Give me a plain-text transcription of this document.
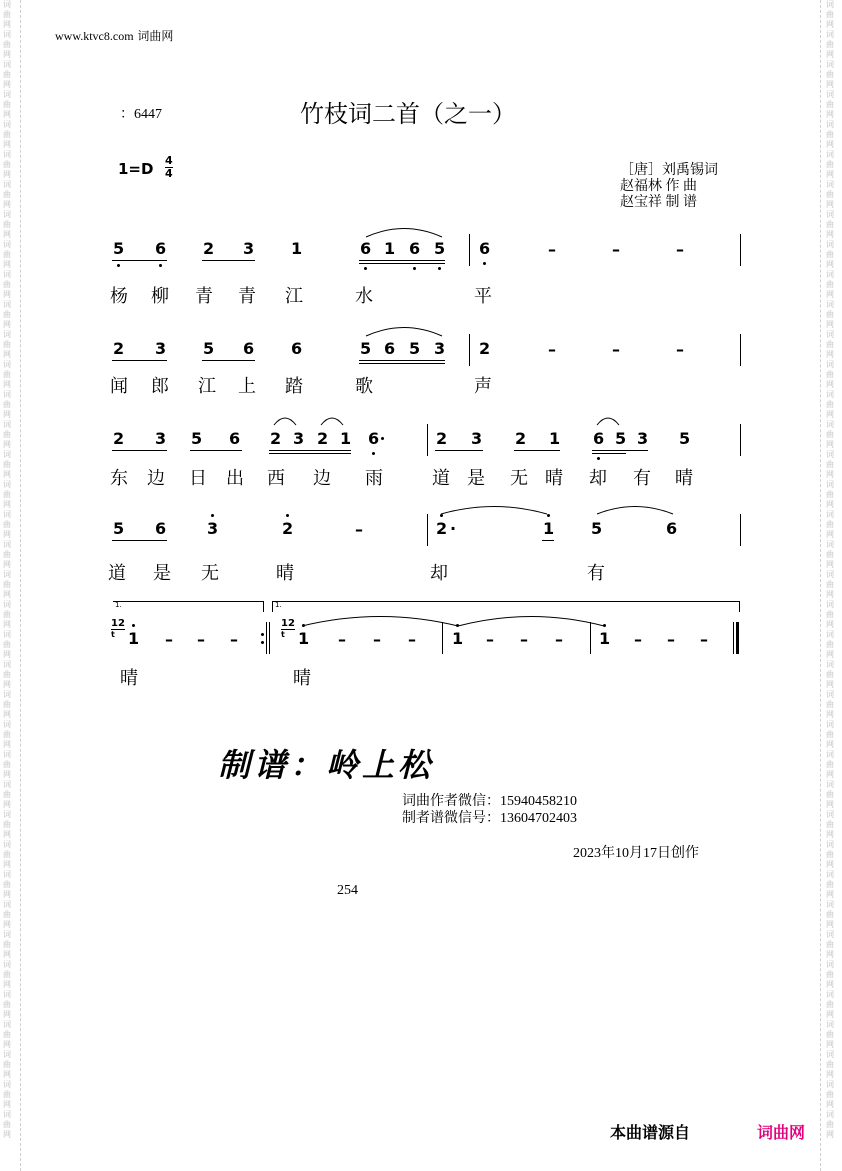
词曲网词曲网词曲网词曲网词曲网词曲网词曲网词曲网词曲网词曲网词曲网词曲网词曲网词曲网词曲网词曲网词曲网词曲网词曲网词曲网词曲网词曲网词曲网词曲网词曲网词曲网词曲网词曲网词曲网词曲网词曲网词曲网词曲网词曲网词曲网词曲网词曲网词曲网
词曲网词曲网词曲网词曲网词曲网词曲网词曲网词曲网词曲网词曲网词曲网词曲网词曲网词曲网词曲网词曲网词曲网词曲网词曲网词曲网词曲网词曲网词曲网词曲网词曲网词曲网词曲网词曲网词曲网词曲网词曲网词曲网词曲网词曲网词曲网词曲网词曲网词曲网
www.ktvc8.com 词曲网
：6447	竹枝词二首（之一）
1=D 4
4	［唐］刘禹锡词
赵福林 作 曲
赵宝祥 制 谱
5 6 2 3 1	6 1 6 5 6	–	–	–
杨 柳 青 青 江	水	平
2 3 5 6 6	5 6 5 3 2	–	–	–
闻 郎 江 上 踏	歌	声
2 3 5 6 2 3 2 1 6	2 3 2 1 6 5 3 5
东 边 日 出 西 边 雨	道 是 无 晴 却 有 晴
5 6	3	2	–	2 ·	1 5	6
道 是 无	晴	却	有
1.	1.
12
t 1 – – –
12
t 1 – – – 1 – – – 1 – – –
晴	晴
制谱：岭上松
词曲作者微信：15940458210
制者谱微信号：13604702403
2023年10月17日创作
254
本曲谱源自	词曲网
